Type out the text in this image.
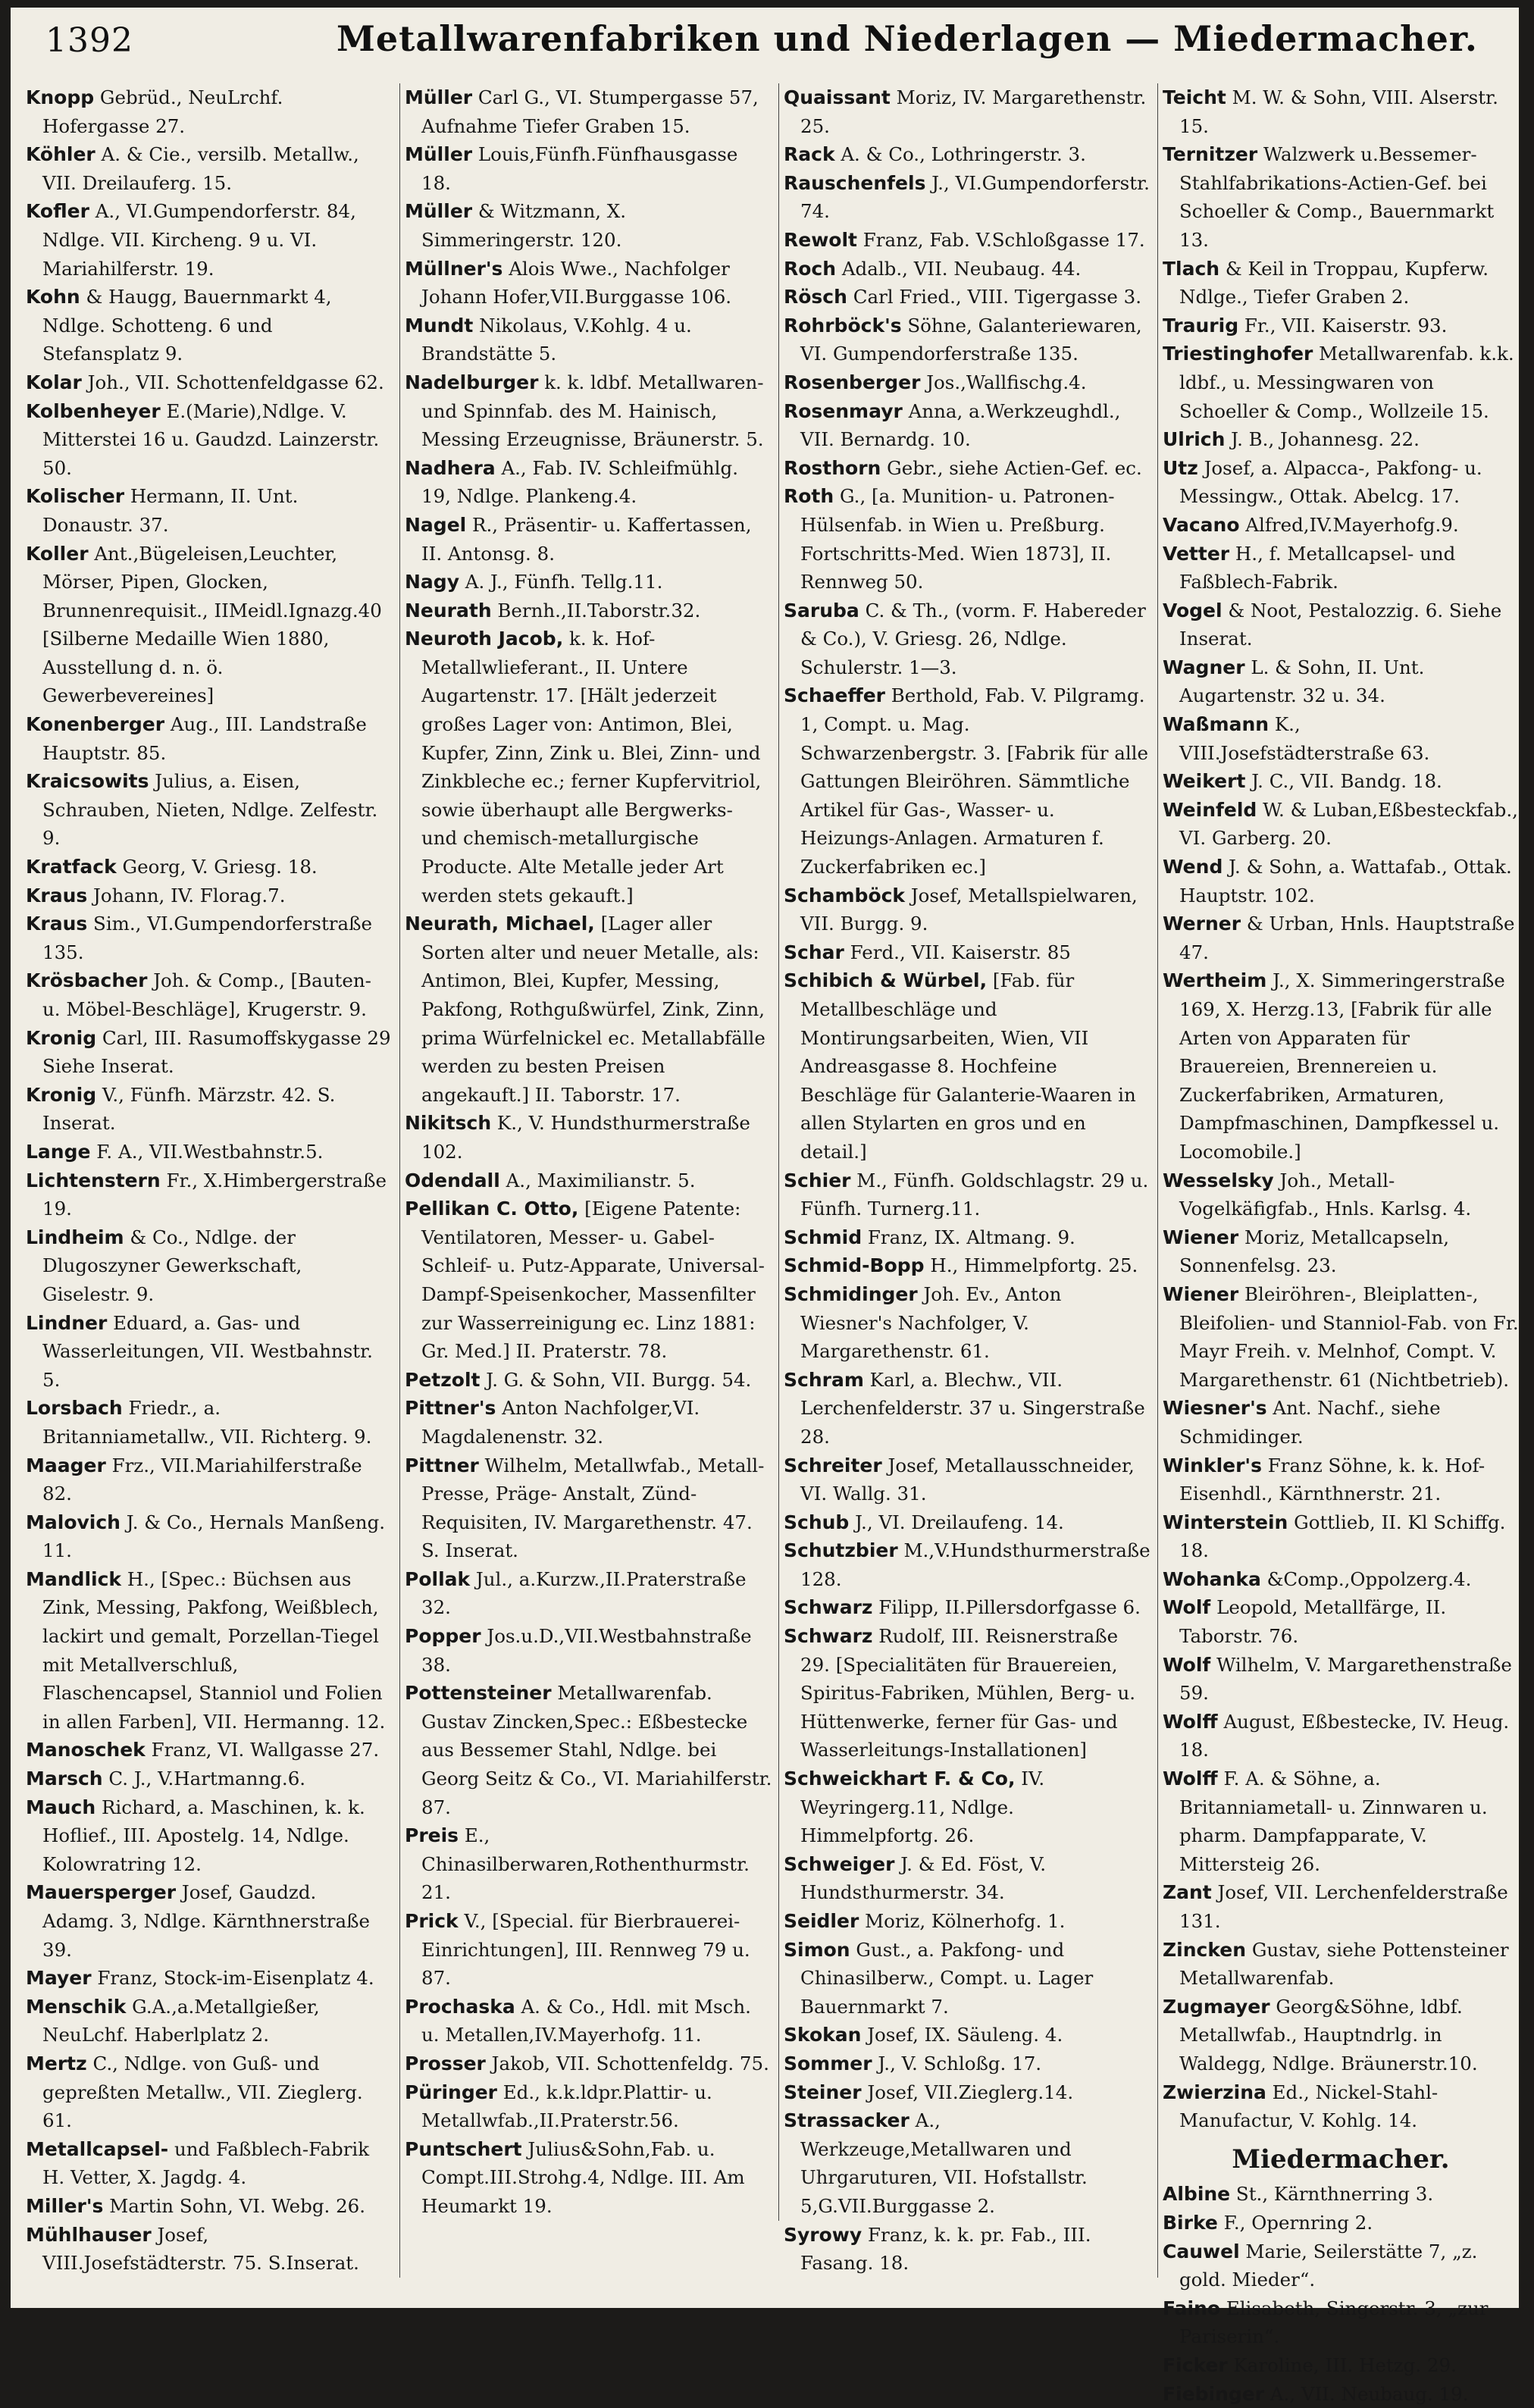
1392	Metallwarenfabriken und Niederlagen — Miedermacher.

Knopp Gebrüd., NeuLrchf. Hofergasse 27.

Köhler A. & Cie., versilb. Metallw., VII. Dreilauferg. 15.

Kofler A., VI.Gumpendorferstr. 84, Ndlge. VII. Kircheng. 9 u. VI. Mariahilferstr. 19.

Kohn & Haugg, Bauernmarkt 4, Ndlge. Schotteng. 6 und Stefansplatz 9.

Kolar Joh., VII. Schottenfeldgasse 62.

Kolbenheyer E.(Marie),Ndlge. V. Mitterstei 16 u. Gaudzd. Lainzerstr. 50.

Kolischer Hermann, II. Unt. Donaustr. 37.

Koller Ant.,Bügeleisen,Leuchter, Mörser, Pipen, Glocken, Brunnenrequisit., IIMeidl.Ignazg.40 [Silberne Medaille Wien 1880, Ausstellung d. n. ö. Gewerbevereines]

Konenberger Aug., III. Landstraße Hauptstr. 85.

Kraicsowits Julius, a. Eisen, Schrauben, Nieten, Ndlge. Zelfestr. 9.

Kratfack Georg, V. Griesg. 18.

Kraus Johann, IV. Florag.7.

Kraus Sim., VI.Gumpendorferstraße 135.

Krösbacher Joh. & Comp., [Bauten- u. Möbel-Beschläge], Krugerstr. 9.

Kronig Carl, III. Rasumoffskygasse 29 Siehe Inserat.

Kronig V., Fünfh. Märzstr. 42. S. Inserat.

Lange F. A., VII.Westbahnstr.5.

Lichtenstern Fr., X.Himbergerstraße 19.

Lindheim & Co., Ndlge. der Dlugoszyner Gewerkschaft, Giselestr. 9.

Lindner Eduard, a. Gas- und Wasserleitungen, VII. Westbahnstr. 5.

Lorsbach Friedr., a. Britanniametallw., VII. Richterg. 9.

Maager Frz., VII.Mariahilferstraße 82.

Malovich J. & Co., Hernals Manßeng. 11.

Mandlick H., [Spec.: Büchsen aus Zink, Messing, Pakfong, Weißblech, lackirt und gemalt, Porzellan-Tiegel mit Metallverschluß, Flaschencapsel, Stanniol und Folien in allen Farben], VII. Hermanng. 12.

Manoschek Franz, VI. Wallgasse 27.

Marsch C. J., V.Hartmanng.6.

Mauch Richard, a. Maschinen, k. k. Hoflief., III. Apostelg. 14, Ndlge. Kolowratring 12.

Mauersperger Josef, Gaudzd. Adamg. 3, Ndlge. Kärnthnerstraße 39.

Mayer Franz, Stock-im-Eisenplatz 4.

Menschik G.A.,a.Metallgießer, NeuLchf. Haberlplatz 2.

Mertz C., Ndlge. von Guß- und gepreßten Metallw., VII. Zieglerg. 61.

Metallcapsel- und Faßblech-Fabrik H. Vetter, X. Jagdg. 4.

Miller's Martin Sohn, VI. Webg. 26.

Mühlhauser Josef, VIII.Josefstädterstr. 75. S.Inserat.

Müller Carl G., VI. Stumpergasse 57, Aufnahme Tiefer Graben 15.

Müller Louis,Fünfh.Fünfhausgasse 18.

Müller & Witzmann, X. Simmeringerstr. 120.

Müllner's Alois Wwe., Nachfolger Johann Hofer,VII.Burggasse 106.

Mundt Nikolaus, V.Kohlg. 4 u. Brandstätte 5.

Nadelburger k. k. ldbf. Metallwaren- und Spinnfab. des M. Hainisch, Messing Erzeugnisse, Bräunerstr. 5.

Nadhera A., Fab. IV. Schleifmühlg. 19, Ndlge. Plankeng.4.

Nagel R., Präsentir- u. Kaffertassen, II. Antonsg. 8.

Nagy A. J., Fünfh. Tellg.11.

Neurath Bernh.,II.Taborstr.32.

Neuroth Jacob, k. k. Hof-Metallwlieferant., II. Untere Augartenstr. 17. [Hält jederzeit großes Lager von: Antimon, Blei, Kupfer, Zinn, Zink u. Blei, Zinn- und Zinkbleche ec.; ferner Kupfervitriol, sowie überhaupt alle Bergwerks- und chemisch-metallurgische Producte. Alte Metalle jeder Art werden stets gekauft.]

Neurath, Michael, [Lager aller Sorten alter und neuer Metalle, als: Antimon, Blei, Kupfer, Messing, Pakfong, Rothgußwürfel, Zink, Zinn, prima Würfelnickel ec. Metallabfälle werden zu besten Preisen angekauft.] II. Taborstr. 17.

Nikitsch K., V. Hundsthurmerstraße 102.

Odendall A., Maximilianstr. 5.

Pellikan C. Otto, [Eigene Patente: Ventilatoren, Messer- u. Gabel-Schleif- u. Putz-Apparate, Universal-Dampf-Speisenkocher, Massenfilter zur Wasserreinigung ec. Linz 1881: Gr. Med.] II. Praterstr. 78.

Petzolt J. G. & Sohn, VII. Burgg. 54.

Pittner's Anton Nachfolger,VI. Magdalenenstr. 32.

Pittner Wilhelm, Metallwfab., Metall-Presse, Präge- Anstalt, Zünd-Requisiten, IV. Margarethenstr. 47. S. Inserat.

Pollak Jul., a.Kurzw.,II.Praterstraße 32.

Popper Jos.u.D.,VII.Westbahnstraße 38.

Pottensteiner Metallwarenfab. Gustav Zincken,Spec.: Eßbestecke aus Bessemer Stahl, Ndlge. bei Georg Seitz & Co., VI. Mariahilferstr. 87.

Preis E., Chinasilberwaren,Rothenthurmstr. 21.

Prick V., [Special. für Bierbrauerei- Einrichtungen], III. Rennweg 79 u. 87.

Prochaska A. & Co., Hdl. mit Msch. u. Metallen,IV.Mayerhofg. 11.

Prosser Jakob, VII. Schottenfeldg. 75.

Püringer Ed., k.k.ldpr.Plattir- u. Metallwfab.,II.Praterstr.56.

Puntschert Julius&Sohn,Fab. u. Compt.III.Strohg.4, Ndlge. III. Am Heumarkt 19.

Quaissant Moriz, IV. Margarethenstr. 25.

Rack A. & Co., Lothringerstr. 3.

Rauschenfels J., VI.Gumpendorferstr. 74.

Rewolt Franz, Fab. V.Schloßgasse 17.

Roch Adalb., VII. Neubaug. 44.

Rösch Carl Fried., VIII. Tigergasse 3.

Rohrböck's Söhne, Galanteriewaren, VI. Gumpendorferstraße 135.

Rosenberger Jos.,Wallfischg.4.

Rosenmayr Anna, a.Werkzeughdl., VII. Bernardg. 10.

Rosthorn Gebr., siehe Actien-Gef. ec.

Roth G., [a. Munition- u. Patronen-Hülsenfab. in Wien u. Preßburg. Fortschritts-Med. Wien 1873], II. Rennweg 50.

Saruba C. & Th., (vorm. F. Habereder & Co.), V. Griesg. 26, Ndlge. Schulerstr. 1—3.

Schaeffer Berthold, Fab. V. Pilgramg. 1, Compt. u. Mag. Schwarzenbergstr. 3. [Fabrik für alle Gattungen Bleiröhren. Sämmtliche Artikel für Gas-, Wasser- u. Heizungs-Anlagen. Armaturen f. Zuckerfabriken ec.]

Schamböck Josef, Metallspielwaren, VII. Burgg. 9.

Schar Ferd., VII. Kaiserstr. 85

Schibich & Würbel, [Fab. für Metallbeschläge und Montirungsarbeiten, Wien, VII Andreasgasse 8. Hochfeine Beschläge für Galanterie-Waaren in allen Stylarten en gros und en detail.]

Schier M., Fünfh. Goldschlagstr. 29 u. Fünfh. Turnerg.11.

Schmid Franz, IX. Altmang. 9.

Schmid-Bopp H., Himmelpfortg. 25.

Schmidinger Joh. Ev., Anton Wiesner's Nachfolger, V. Margarethenstr. 61.

Schram Karl, a. Blechw., VII. Lerchenfelderstr. 37 u. Singerstraße 28.

Schreiter Josef, Metallausschneider, VI. Wallg. 31.

Schub J., VI. Dreilaufeng. 14.

Schutzbier M.,V.Hundsthurmerstraße 128.

Schwarz Filipp, II.Pillersdorfgasse 6.

Schwarz Rudolf, III. Reisnerstraße 29. [Specialitäten für Brauereien, Spiritus-Fabriken, Mühlen, Berg- u. Hüttenwerke, ferner für Gas- und Wasserleitungs-Installationen]

Schweickhart F. & Co, IV. Weyringerg.11, Ndlge. Himmelpfortg. 26.

Schweiger J. & Ed. Föst, V. Hundsthurmerstr. 34.

Seidler Moriz, Kölnerhofg. 1.

Simon Gust., a. Pakfong- und Chinasilberw., Compt. u. Lager Bauernmarkt 7.

Skokan Josef, IX. Säuleng. 4.

Sommer J., V. Schloßg. 17.

Steiner Josef, VII.Zieglerg.14.

Strassacker A., Werkzeuge,Metallwaren und Uhrgaruturen, VII. Hofstallstr. 5,G.VII.Burggasse 2.

Syrowy Franz, k. k. pr. Fab., III. Fasang. 18.

Teicht M. W. & Sohn, VIII. Alserstr. 15.

Ternitzer Walzwerk u.Bessemer-Stahlfabrikations-Actien-Gef. bei Schoeller & Comp., Bauernmarkt 13.

Tlach & Keil in Troppau, Kupferw. Ndlge., Tiefer Graben 2.

Traurig Fr., VII. Kaiserstr. 93.

Triestinghofer Metallwarenfab. k.k. ldbf., u. Messingwaren von Schoeller & Comp., Wollzeile 15.

Ulrich J. B., Johannesg. 22.

Utz Josef, a. Alpacca-, Pakfong- u. Messingw., Ottak. Abelcg. 17.

Vacano Alfred,IV.Mayerhofg.9.

Vetter H., f. Metallcapsel- und Faßblech-Fabrik.

Vogel & Noot, Pestalozzig. 6. Siehe Inserat.

Wagner L. & Sohn, II. Unt. Augartenstr. 32 u. 34.

Waßmann K., VIII.Josefstädterstraße 63.

Weikert J. C., VII. Bandg. 18.

Weinfeld W. & Luban,Eßbesteckfab., VI. Garberg. 20.

Wend J. & Sohn, a. Wattafab., Ottak. Hauptstr. 102.

Werner & Urban, Hnls. Hauptstraße 47.

Wertheim J., X. Simmeringerstraße 169, X. Herzg.13, [Fabrik für alle Arten von Apparaten für Brauereien, Brennereien u. Zuckerfabriken, Armaturen, Dampfmaschinen, Dampfkessel u. Locomobile.]

Wesselsky Joh., Metall-Vogelkäfigfab., Hnls. Karlsg. 4.

Wiener Moriz, Metallcapseln, Sonnenfelsg. 23.

Wiener Bleiröhren-, Bleiplatten-, Bleifolien- und Stanniol-Fab. von Fr. Mayr Freih. v. Melnhof, Compt. V. Margarethenstr. 61 (Nichtbetrieb).

Wiesner's Ant. Nachf., siehe Schmidinger.

Winkler's Franz Söhne, k. k. Hof-Eisenhdl., Kärnthnerstr. 21.

Winterstein Gottlieb, II. Kl Schiffg. 18.

Wohanka &Comp.,Oppolzerg.4.

Wolf Leopold, Metallfärge, II. Taborstr. 76.

Wolf Wilhelm, V. Margarethenstraße 59.

Wolff August, Eßbestecke, IV. Heug. 18.

Wolff F. A. & Söhne, a. Britanniametall- u. Zinnwaren u. pharm. Dampfapparate, V. Mittersteig 26.

Zant Josef, VII. Lerchenfelderstraße 131.

Zincken Gustav, siehe Pottensteiner Metallwarenfab.

Zugmayer Georg&Söhne, ldbf. Metallwfab., Hauptndrlg. in Waldegg, Ndlge. Bräunerstr.10.

Zwierzina Ed., Nickel-Stahl-Manufactur, V. Kohlg. 14.

Miedermacher.

Albine St., Kärnthnerring 3.

Birke F., Opernring 2.

Cauwel Marie, Seilerstätte 7, „z. gold. Mieder“.

Faino Elisabeth, Singerstr. 3, „zur Pariserin“.

Ficker Karoline, III. Hetzg. 29.

Fiebinger A., VII. Neubaug. 19.
